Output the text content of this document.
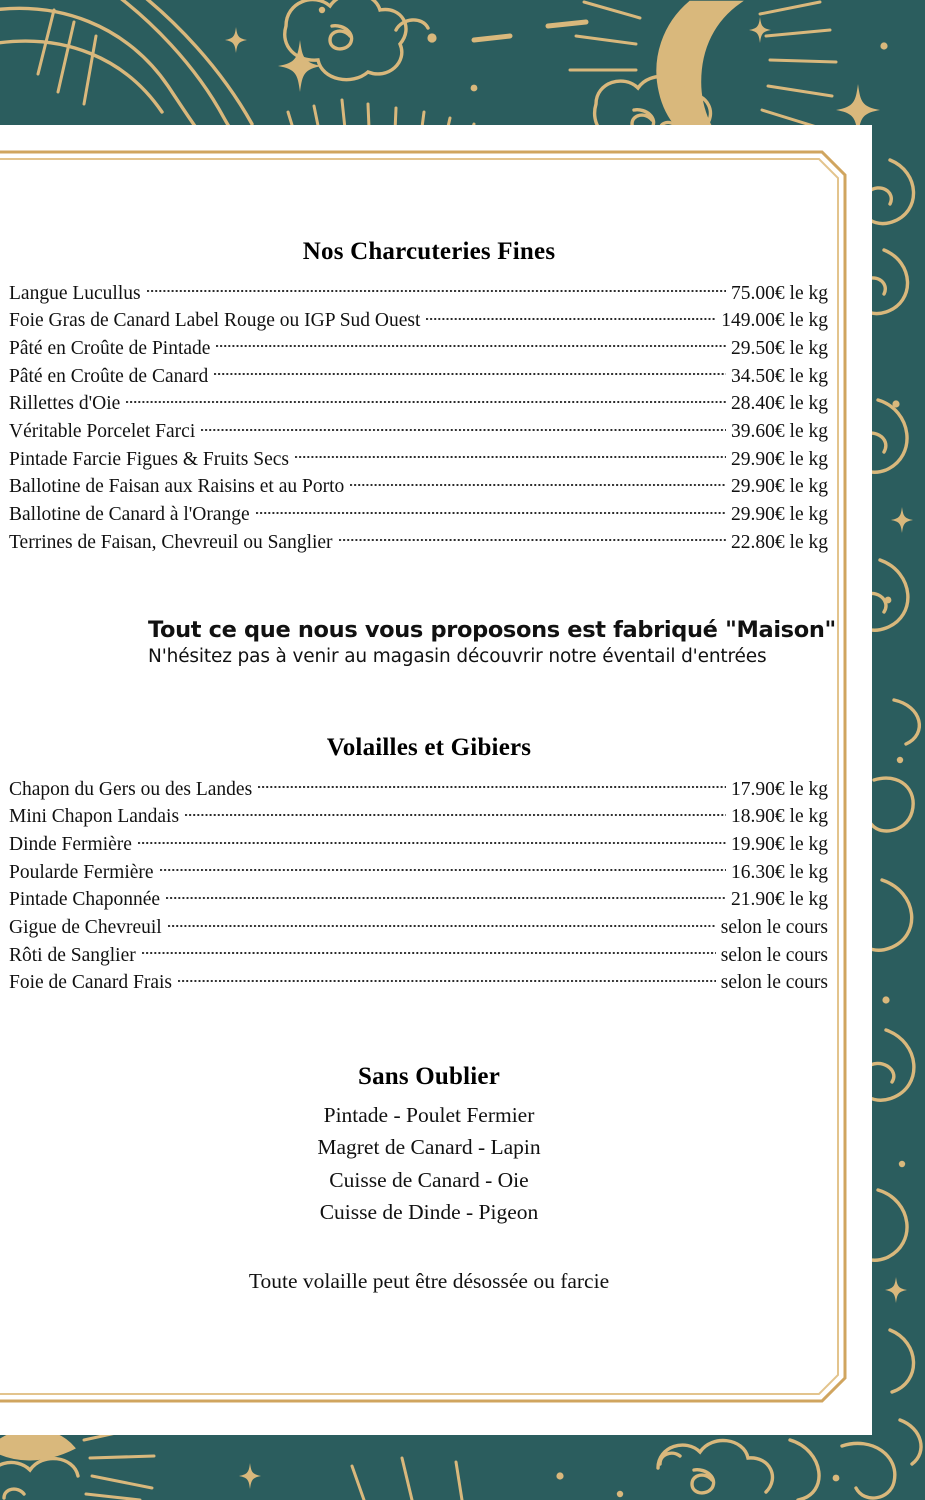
Nos Charcuteries Fines
Langue Lucullus	75.00€ le kg
Foie Gras de Canard Label Rouge ou IGP Sud Ouest	149.00€ le kg
Pâté en Croûte de Pintade	29.50€ le kg
Pâté en Croûte de Canard	34.50€ le kg
Rillettes d'Oie	28.40€ le kg
Véritable Porcelet Farci	39.60€ le kg
Pintade Farcie Figues & Fruits Secs	29.90€ le kg
Ballotine de Faisan aux Raisins et au Porto	29.90€ le kg
Ballotine de Canard à l'Orange	29.90€ le kg
Terrines de Faisan, Chevreuil ou Sanglier	22.80€ le kg
Tout ce que nous vous proposons est fabriqué "Maison"
N'hésitez pas à venir au magasin découvrir notre éventail d'entrées
Volailles et Gibiers
Chapon du Gers ou des Landes	17.90€ le kg
Mini Chapon Landais	18.90€ le kg
Dinde Fermière	19.90€ le kg
Poularde Fermière	16.30€ le kg
Pintade Chaponnée	21.90€ le kg
Gigue de Chevreuil	selon le cours
Rôti de Sanglier	selon le cours
Foie de Canard Frais	selon le cours
Sans Oublier
Pintade - Poulet Fermier
Magret de Canard - Lapin
Cuisse de Canard - Oie
Cuisse de Dinde - Pigeon
Toute volaille peut être désossée ou farcie
